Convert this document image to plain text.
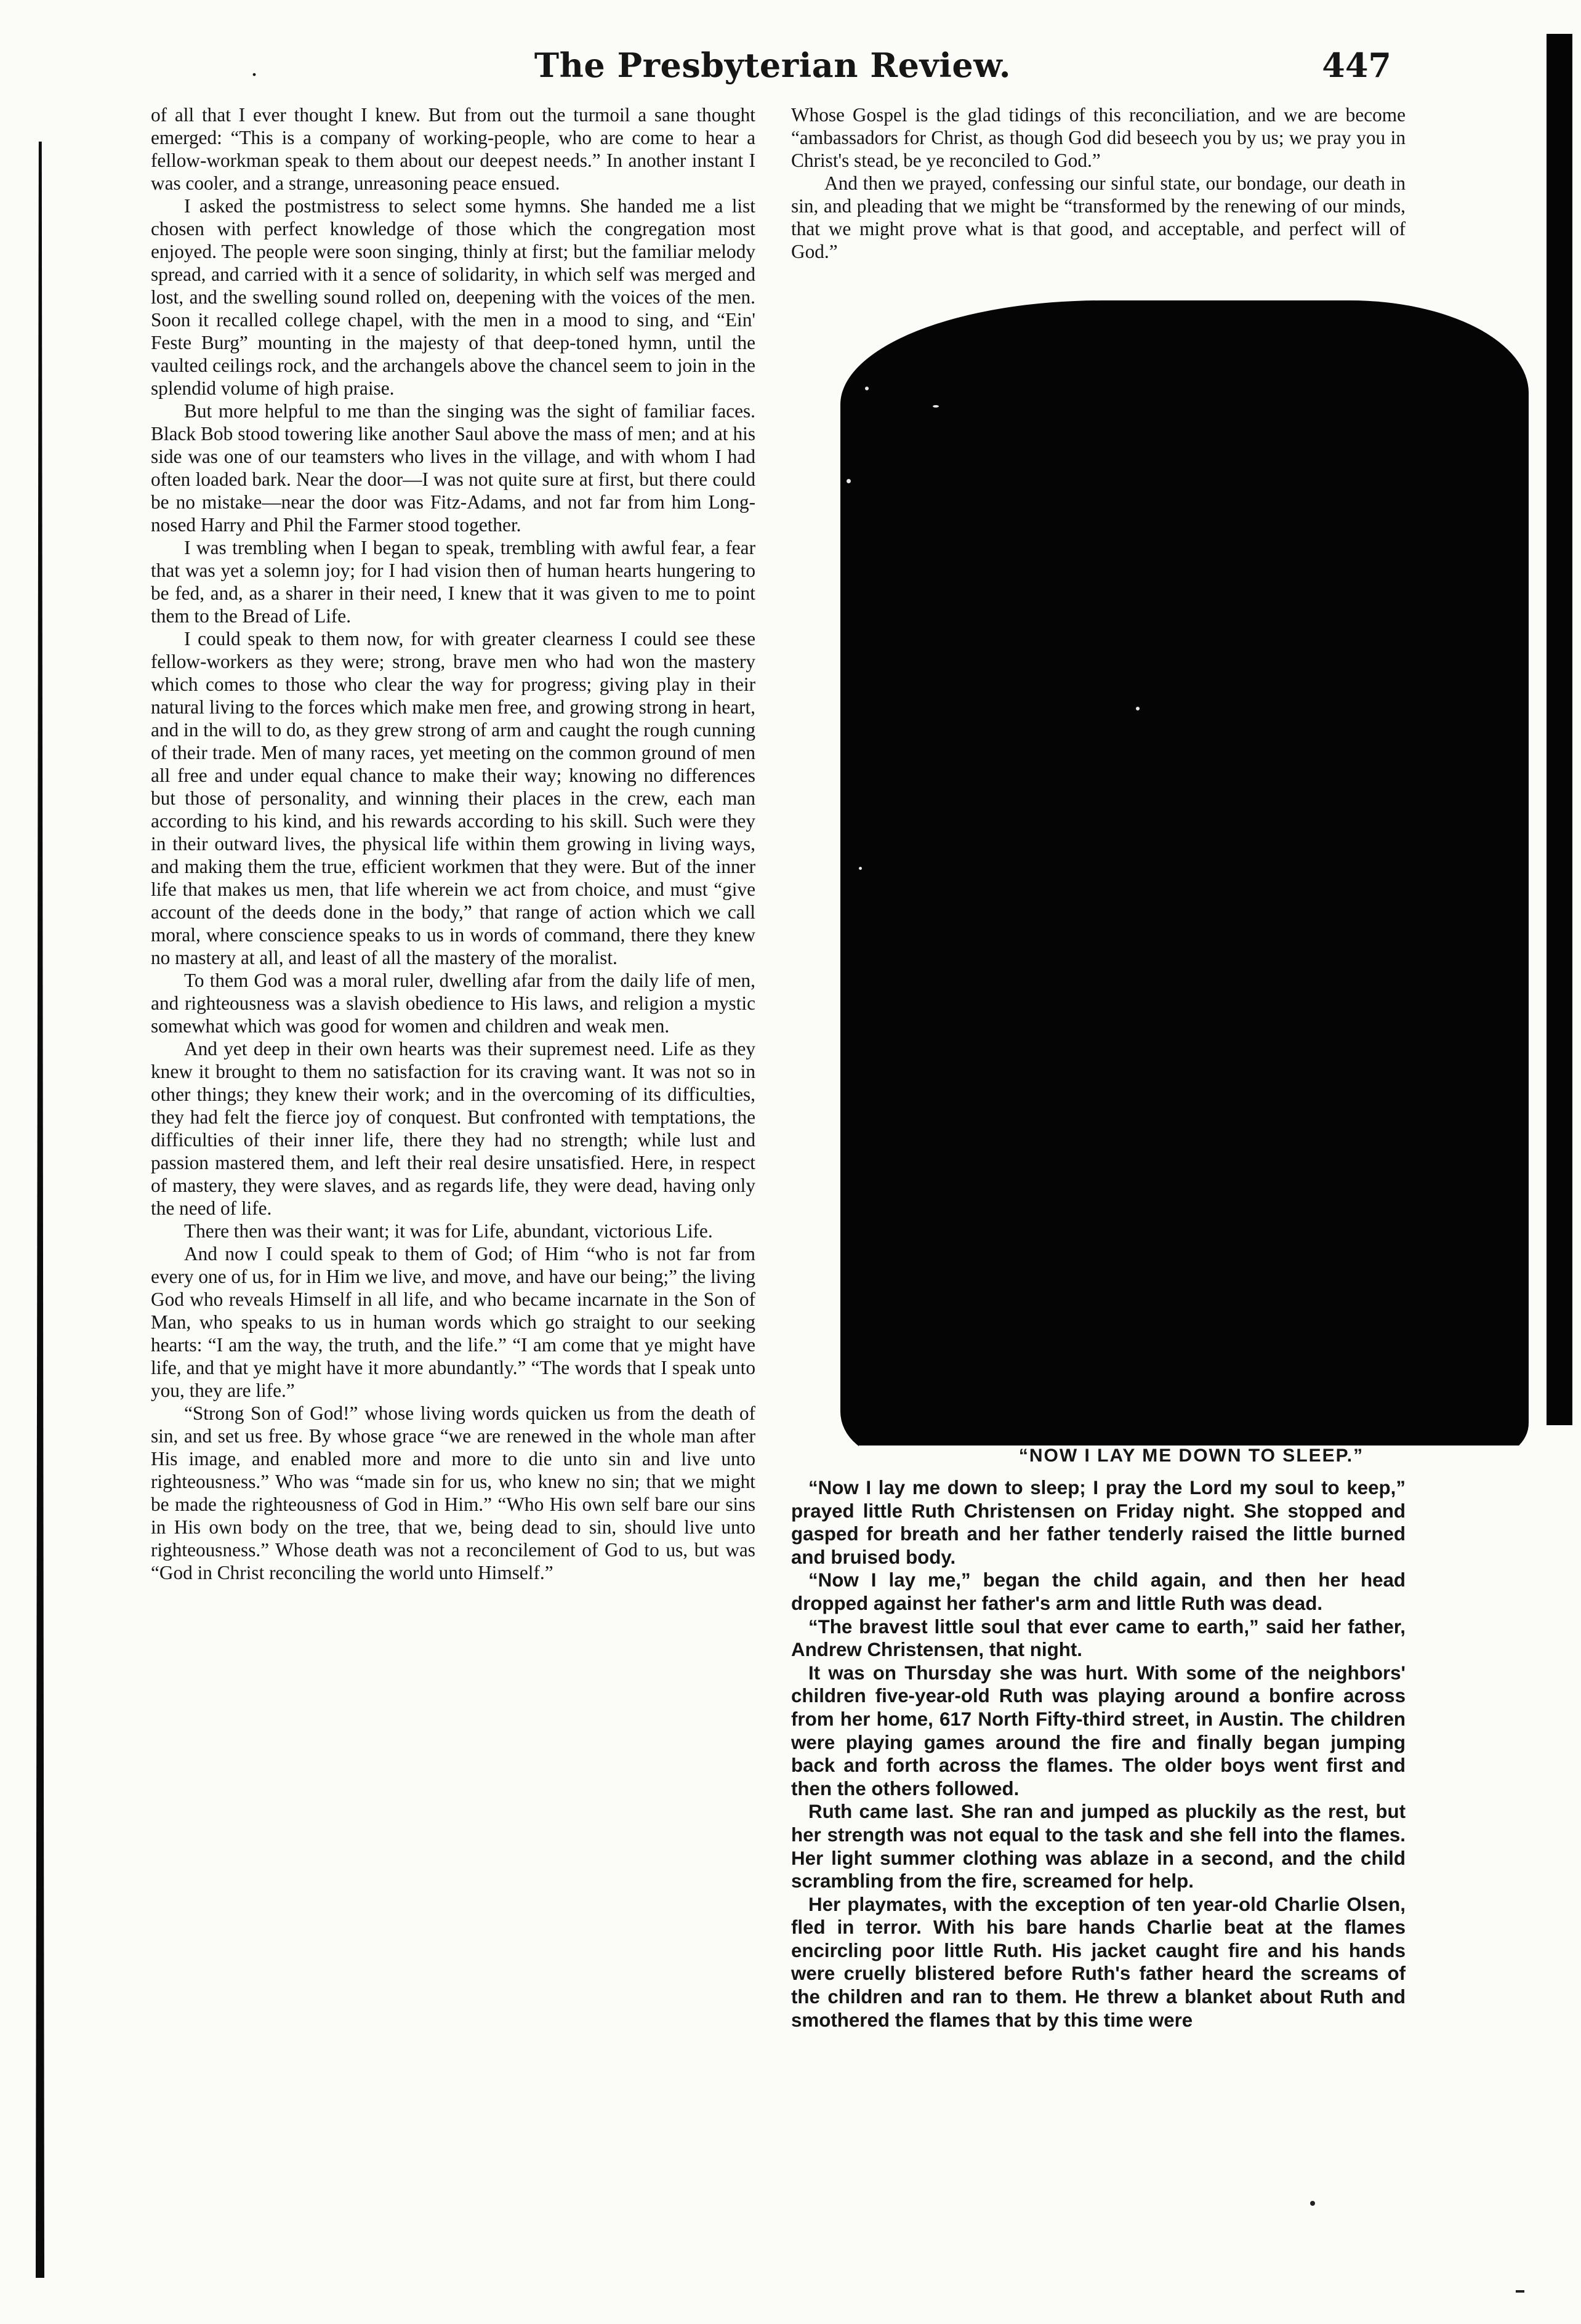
.	The Presbyterian Review.	447

of all that I ever thought I knew. But from out the turmoil a sane thought emerged: “This is a company of working-people, who are come to hear a fellow-workman speak to them about our deepest needs.” In another instant I was cooler, and a strange, unreasoning peace ensued.

I asked the postmistress to select some hymns. She handed me a list chosen with perfect knowledge of those which the congregation most enjoyed. The people were soon singing, thinly at first; but the familiar melody spread, and carried with it a sence of solidarity, in which self was merged and lost, and the swelling sound rolled on, deepening with the voices of the men. Soon it recalled college chapel, with the men in a mood to sing, and “Ein' Feste Burg” mounting in the majesty of that deep-toned hymn, until the vaulted ceilings rock, and the archangels above the chancel seem to join in the splendid volume of high praise.

But more helpful to me than the singing was the sight of familiar faces. Black Bob stood towering like another Saul above the mass of men; and at his side was one of our teamsters who lives in the village, and with whom I had often loaded bark. Near the door—I was not quite sure at first, but there could be no mistake—near the door was Fitz-Adams, and not far from him Long-nosed Harry and Phil the Farmer stood together.

I was trembling when I began to speak, trembling with awful fear, a fear that was yet a solemn joy; for I had vision then of human hearts hungering to be fed, and, as a sharer in their need, I knew that it was given to me to point them to the Bread of Life.

I could speak to them now, for with greater clearness I could see these fellow-workers as they were; strong, brave men who had won the mastery which comes to those who clear the way for progress; giving play in their natural living to the forces which make men free, and growing strong in heart, and in the will to do, as they grew strong of arm and caught the rough cunning of their trade. Men of many races, yet meeting on the common ground of men all free and under equal chance to make their way; knowing no differences but those of personality, and winning their places in the crew, each man according to his kind, and his rewards according to his skill. Such were they in their outward lives, the physical life within them growing in living ways, and making them the true, efficient workmen that they were. But of the inner life that makes us men, that life wherein we act from choice, and must “give account of the deeds done in the body,” that range of action which we call moral, where conscience speaks to us in words of command, there they knew no mastery at all, and least of all the mastery of the moralist.

To them God was a moral ruler, dwelling afar from the daily life of men, and righteousness was a slavish obedience to His laws, and religion a mystic somewhat which was good for women and children and weak men.

And yet deep in their own hearts was their supremest need. Life as they knew it brought to them no satisfaction for its craving want. It was not so in other things; they knew their work; and in the overcoming of its difficulties, they had felt the fierce joy of conquest. But confronted with temptations, the difficulties of their inner life, there they had no strength; while lust and passion mastered them, and left their real desire unsatisfied. Here, in respect of mastery, they were slaves, and as regards life, they were dead, having only the need of life.

There then was their want; it was for Life, abundant, victorious Life.

And now I could speak to them of God; of Him “who is not far from every one of us, for in Him we live, and move, and have our being;” the living God who reveals Himself in all life, and who became incarnate in the Son of Man, who speaks to us in human words which go straight to our seeking hearts: “I am the way, the truth, and the life.” “I am come that ye might have life, and that ye might have it more abundantly.” “The words that I speak unto you, they are life.”

“Strong Son of God!” whose living words quicken us from the death of sin, and set us free. By whose grace “we are renewed in the whole man after His image, and enabled more and more to die unto sin and live unto righteousness.” Who was “made sin for us, who knew no sin; that we might be made the righteousness of God in Him.” “Who His own self bare our sins in His own body on the tree, that we, being dead to sin, should live unto righteousness.” Whose death was not a reconcilement of God to us, but was “God in Christ reconciling the world unto Himself.”

Whose Gospel is the glad tidings of this reconciliation, and we are become “ambassadors for Christ, as though God did beseech you by us; we pray you in Christ's stead, be ye reconciled to God.”

And then we prayed, confessing our sinful state, our bondage, our death in sin, and pleading that we might be “transformed by the renewing of our minds, that we might prove what is that good, and acceptable, and perfect will of God.”

“NOW I LAY ME DOWN TO SLEEP.”

“Now I lay me down to sleep; I pray the Lord my soul to keep,” prayed little Ruth Christensen on Friday night. She stopped and gasped for breath and her father tenderly raised the little burned and bruised body.

“Now I lay me,” began the child again, and then her head dropped against her father's arm and little Ruth was dead.

“The bravest little soul that ever came to earth,” said her father, Andrew Christensen, that night.

It was on Thursday she was hurt. With some of the neighbors' children five-year-old Ruth was playing around a bonfire across from her home, 617 North Fifty-third street, in Austin. The children were playing games around the fire and finally began jumping back and forth across the flames. The older boys went first and then the others followed.

Ruth came last. She ran and jumped as pluckily as the rest, but her strength was not equal to the task and she fell into the flames. Her light summer clothing was ablaze in a second, and the child scrambling from the fire, screamed for help.

Her playmates, with the exception of ten year-old Charlie Olsen, fled in terror. With his bare hands Charlie beat at the flames encircling poor little Ruth. His jacket caught fire and his hands were cruelly blistered before Ruth's father heard the screams of the children and ran to them. He threw a blanket about Ruth and smothered the flames that by this time were
